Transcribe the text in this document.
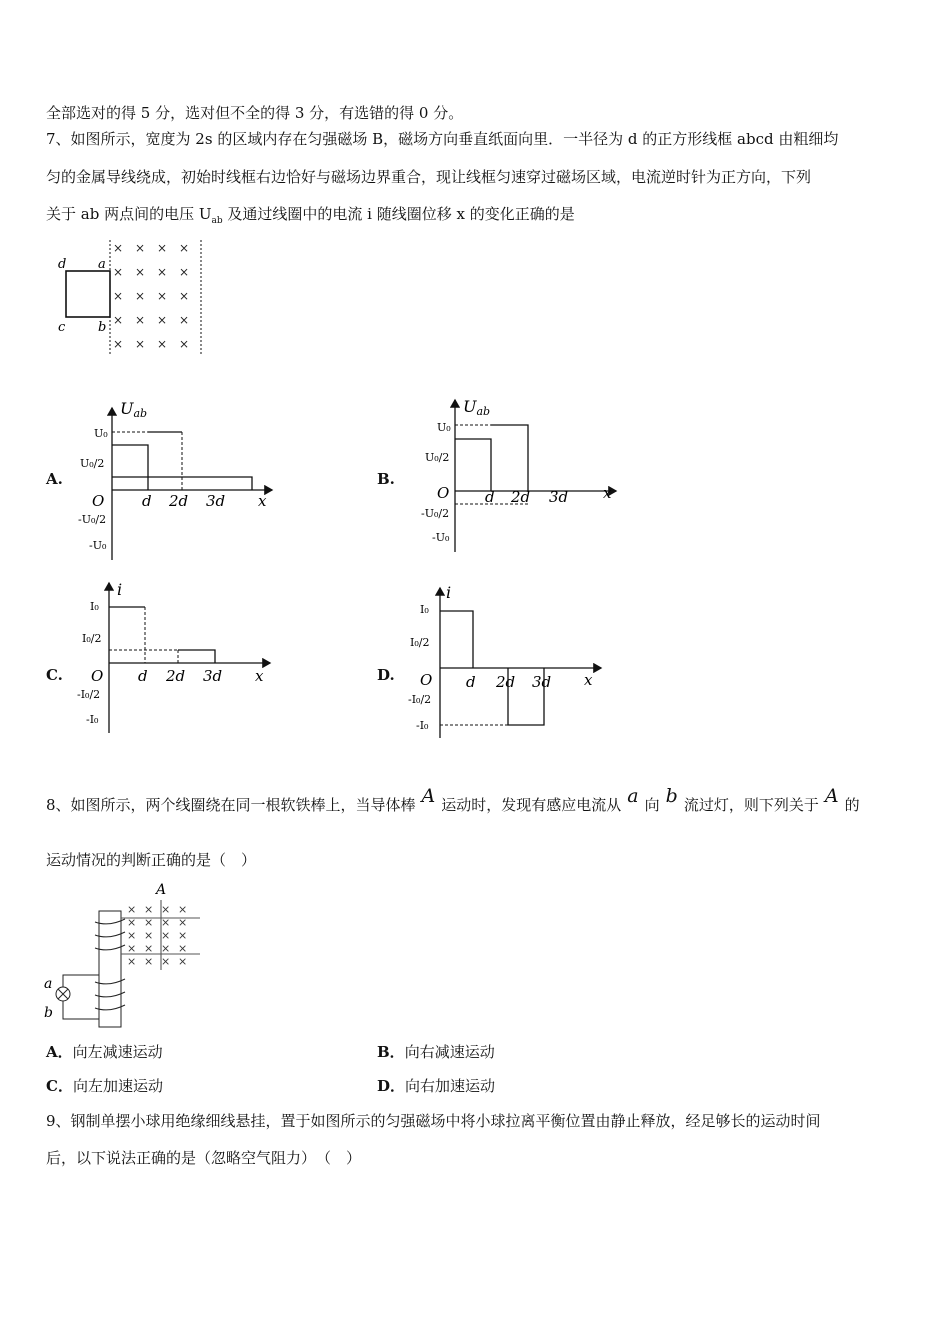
全部选对的得 5 分，选对但不全的得 3 分，有选错的得 0 分。
7、如图所示，宽度为 2s 的区域内存在匀强磁场 B，磁场方向垂直纸面向里．一半径为 d 的正方形线框 abcd 由粗细均
匀的金属导线绕成，初始时线框右边恰好与磁场边界重合，现让线框匀速穿过磁场区域，电流逆时针为正方向，下列
关于 ab 两点间的电压 $U_{ab}$ 及通过线圈中的电流 i 随线圈位移 x 的变化正确的是
d a
c	b
× × × ×
× × × ×
× × × ×
× × × ×
× × × ×
A.	B.
C.	D.
Uab
U₀
U₀/2
-U₀/2
-U₀
O	d 2d 3d x
Uab
U₀
U₀/2
-U₀/2
-U₀
O d 2d 3d x
i
I₀
I₀/2
-I₀/2
-I₀
O d 2d 3d x
i
I₀
I₀/2
-I₀/2
-I₀
O d 2d 3d x
8、如图所示，两个线圈绕在同一根软铁棒上，当导体棒 A 运动时，发现有感应电流从 a 向 b 流过灯，则下列关于 A 的
运动情况的判断正确的是（　）
A
× × × ×
× × × ×
× × × ×
× × × ×
× × × ×
a
b
A．向左减速运动	B．向右减速运动
C．向左加速运动	D．向右加速运动
9、钢制单摆小球用绝缘细线悬挂，置于如图所示的匀强磁场中将小球拉离平衡位置由静止释放，经足够长的运动时间
后，以下说法正确的是（忽略空气阻力）　（　）
